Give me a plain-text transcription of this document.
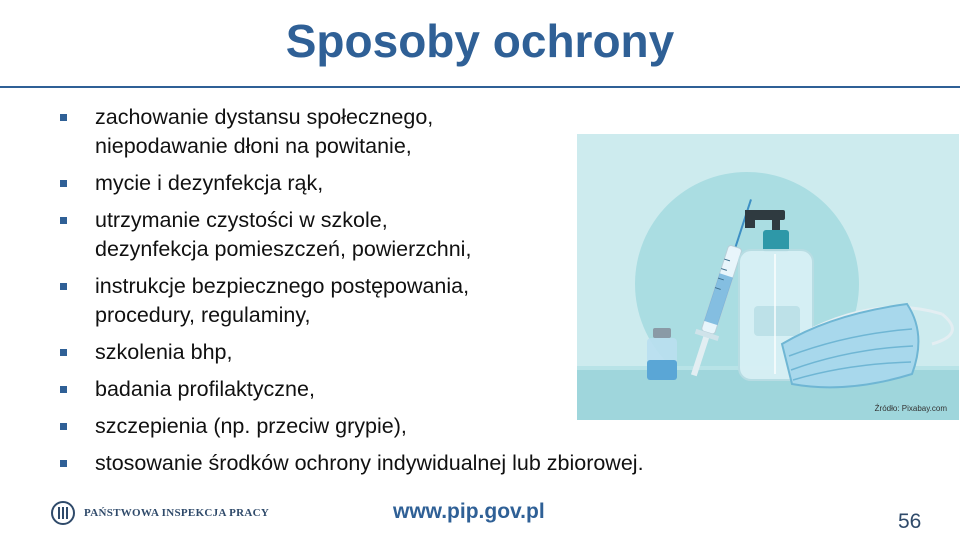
Sposoby ochrony
zachowanie dystansu społecznego,
niepodawanie dłoni na powitanie,
mycie i dezynfekcja rąk,
utrzymanie czystości w szkole,
dezynfekcja pomieszczeń, powierzchni,
instrukcje bezpiecznego postępowania,
procedury, regulaminy,
szkolenia bhp,
badania profilaktyczne,
szczepienia (np. przeciw grypie),
stosowanie środków ochrony indywidualnej lub zbiorowej.
Źródło: Pixabay.com
PAŃSTWOWA INSPEKCJA PRACY	www.pip.gov.pl	56
